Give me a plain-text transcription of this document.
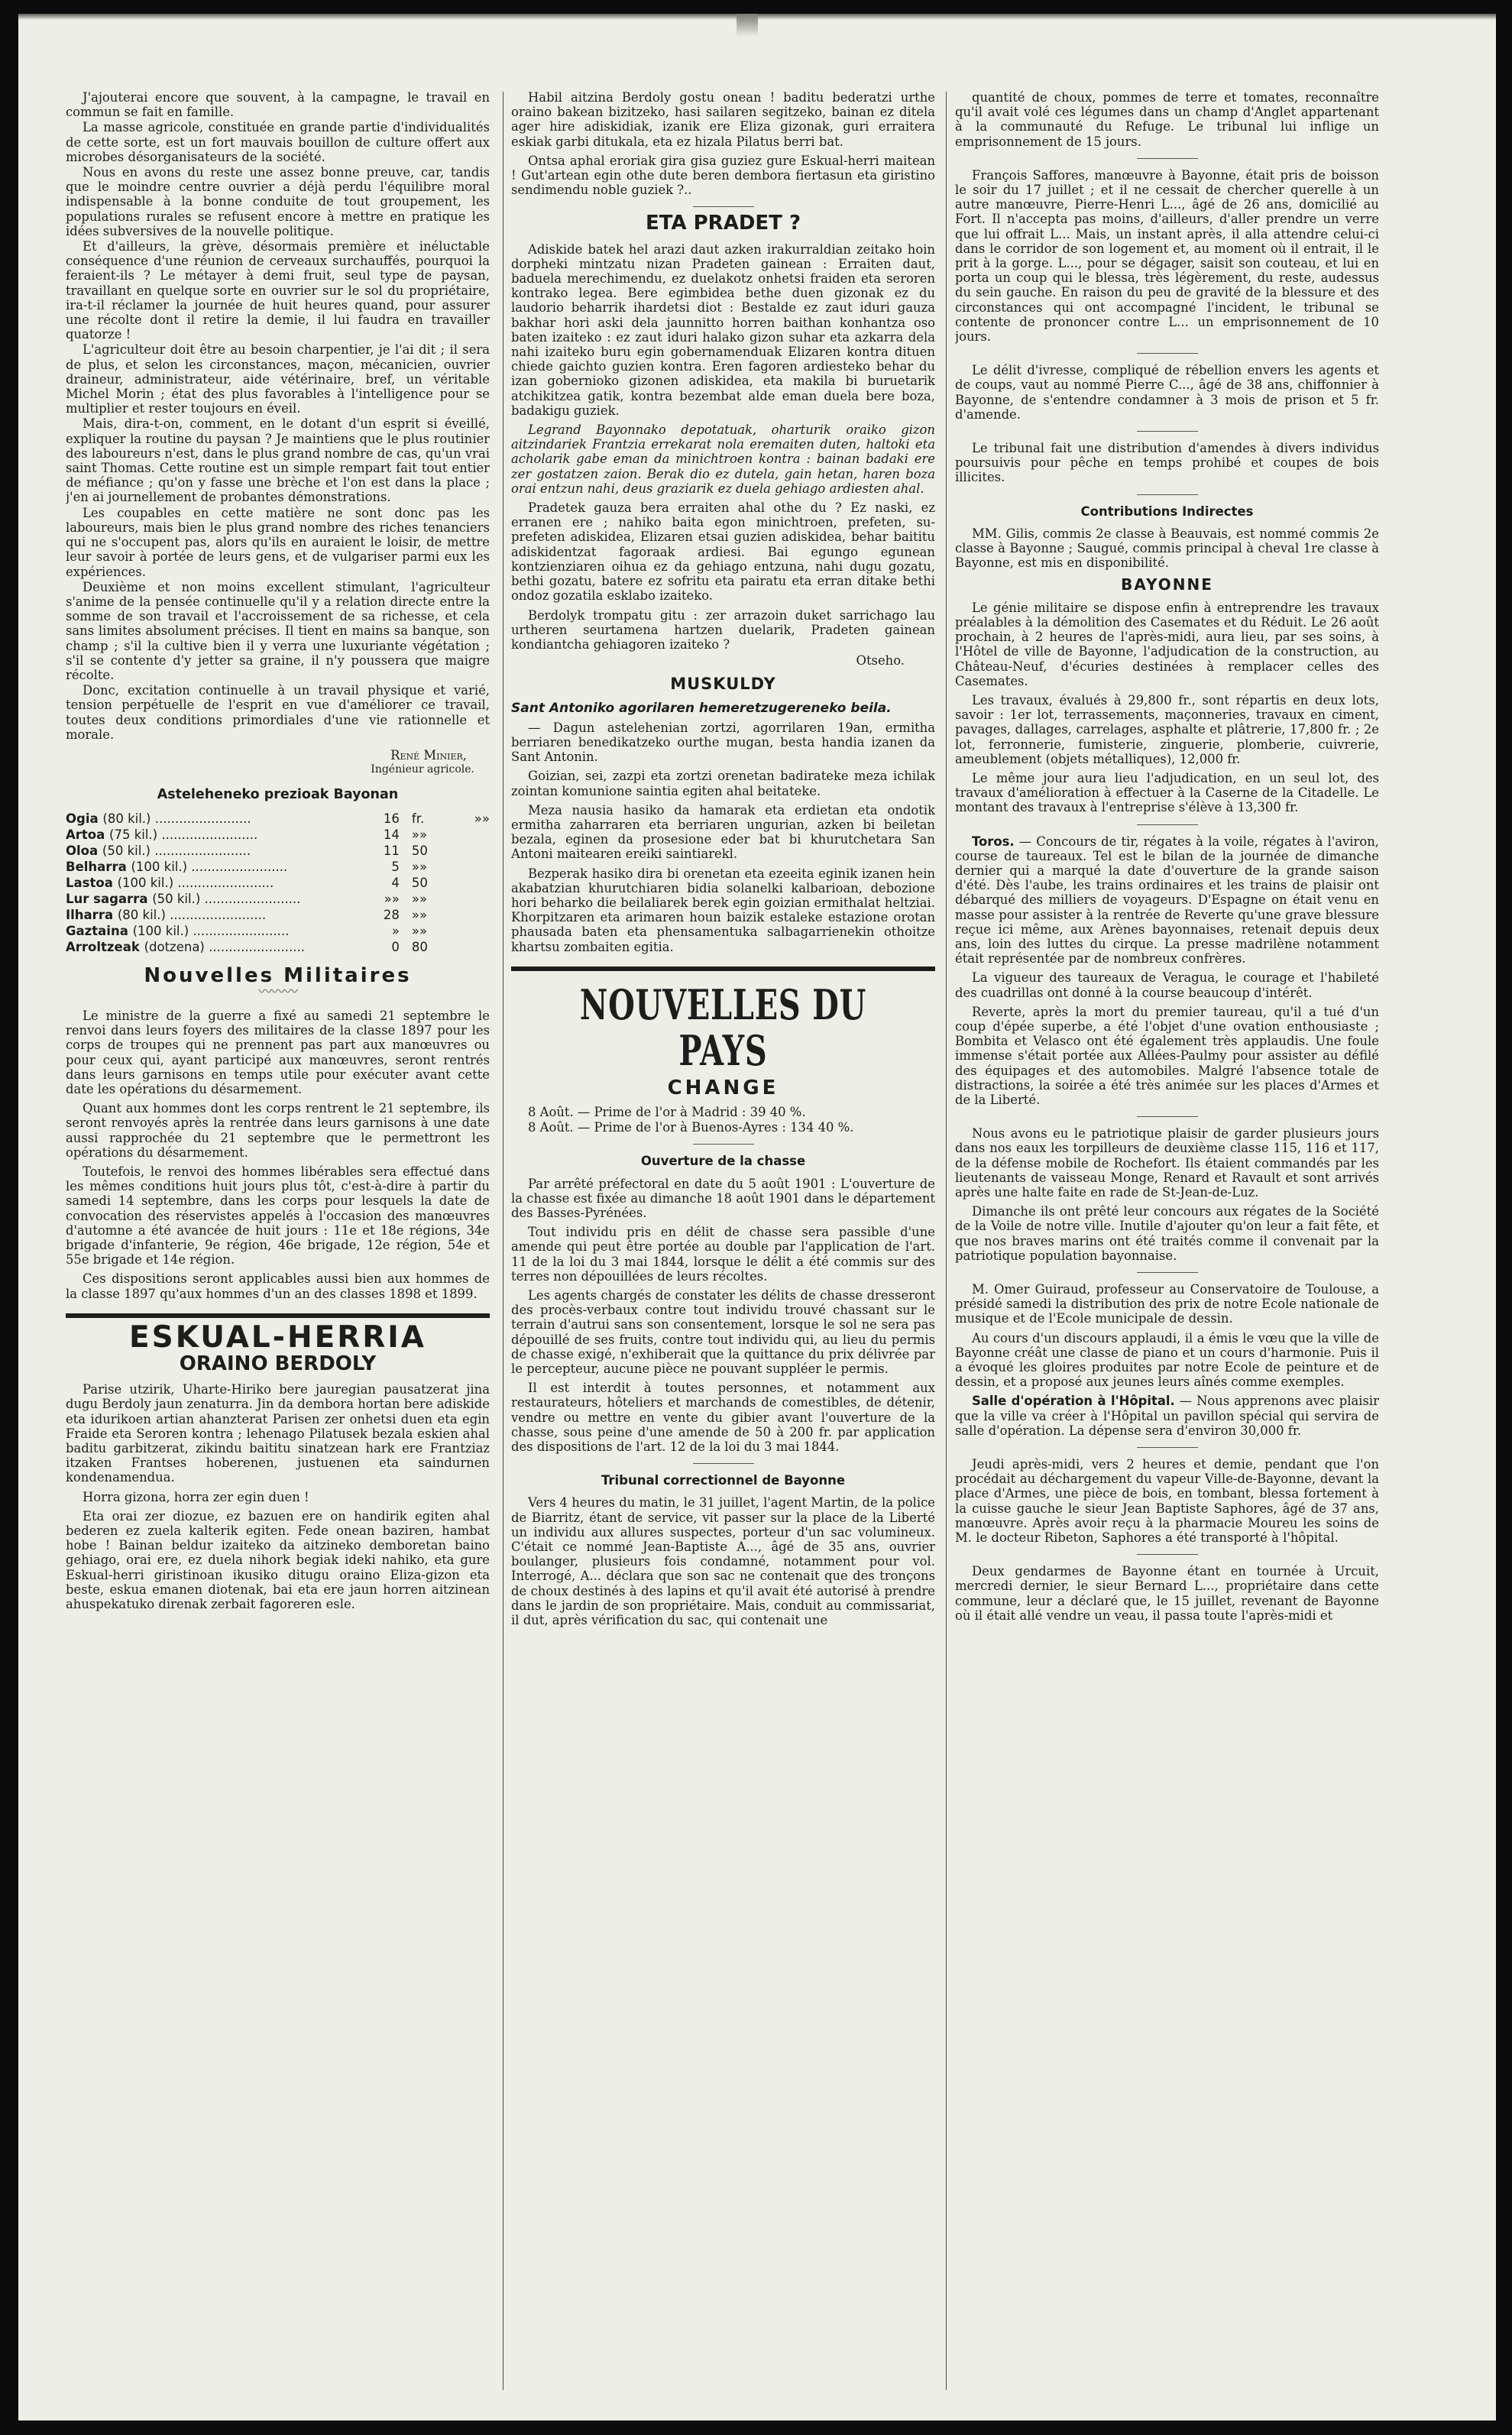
J'ajouterai encore que souvent, à la campagne, le travail en commun se fait en famille.

La masse agricole, constituée en grande partie d'individualités de cette sorte, est un fort mauvais bouillon de culture offert aux microbes désorganisateurs de la société.

Nous en avons du reste une assez bonne preuve, car, tandis que le moindre centre ouvrier a déjà perdu l'équilibre moral indispensable à la bonne conduite de tout groupement, les populations rurales se refusent encore à mettre en pratique les idées subversives de la nouvelle politique.

Et d'ailleurs, la grève, désormais première et inéluctable conséquence d'une réunion de cerveaux surchauffés, pourquoi la feraient-ils ? Le métayer à demi fruit, seul type de paysan, travaillant en quelque sorte en ouvrier sur le sol du propriétaire, ira-t-il réclamer la journée de huit heures quand, pour assurer une récolte dont il retire la demie, il lui faudra en travailler quatorze !

L'agriculteur doit être au besoin charpentier, je l'ai dit ; il sera de plus, et selon les circonstances, maçon, mécanicien, ouvrier draineur, administrateur, aide vétérinaire, bref, un véritable Michel Morin ; état des plus favorables à l'intelligence pour se multiplier et rester toujours en éveil.

Mais, dira-t-on, comment, en le dotant d'un esprit si éveillé, expliquer la routine du paysan ? Je maintiens que le plus routinier des laboureurs n'est, dans le plus grand nombre de cas, qu'un vrai saint Thomas. Cette routine est un simple rempart fait tout entier de méfiance ; qu'on y fasse une brèche et l'on est dans la place ; j'en ai journellement de probantes démonstrations.

Les coupables en cette matière ne sont donc pas les laboureurs, mais bien le plus grand nombre des riches tenanciers qui ne s'occupent pas, alors qu'ils en auraient le loisir, de mettre leur savoir à portée de leurs gens, et de vulgariser parmi eux les expériences.

Deuxième et non moins excellent stimulant, l'agriculteur s'anime de la pensée continuelle qu'il y a relation directe entre la somme de son travail et l'accroissement de sa richesse, et cela sans limites absolument précises. Il tient en mains sa banque, son champ ; s'il la cultive bien il y verra une luxuriante végétation ; s'il se contente d'y jetter sa graine, il n'y poussera que maigre récolte.

Donc, excitation continuelle à un travail physique et varié, tension perpétuelle de l'esprit en vue d'améliorer ce travail, toutes deux conditions primordiales d'une vie rationnelle et morale.

René Minier,
Ingénieur agricole.
Asteleheneko prezioak Bayonan
Ogia (80 kil.) ........................	16	fr.	»»
Artoa (75 kil.) ........................	14	»»	
Oloa (50 kil.) ........................	11	50	
Belharra (100 kil.) ........................	5	»»	
Lastoa (100 kil.) ........................	4	50	
Lur sagarra (50 kil.) ........................	»»	»»	
Ilharra (80 kil.) ........................	28	»»	
Gaztaina (100 kil.) ........................	»	»»	
Arroltzeak (dotzena) ........................	0	80	
Nouvelles Militaires
〰〰〰

Le ministre de la guerre a fixé au samedi 21 septembre le renvoi dans leurs foyers des militaires de la classe 1897 pour les corps de troupes qui ne prennent pas part aux manœuvres ou pour ceux qui, ayant participé aux manœuvres, seront rentrés dans leurs garnisons en temps utile pour exécuter avant cette date les opérations du désarmement.

Quant aux hommes dont les corps rentrent le 21 septembre, ils seront renvoyés après la rentrée dans leurs garnisons à une date aussi rapprochée du 21 septembre que le permettront les opérations du désarmement.

Toutefois, le renvoi des hommes libérables sera effectué dans les mêmes conditions huit jours plus tôt, c'est-à-dire à partir du samedi 14 septembre, dans les corps pour lesquels la date de convocation des réservistes appelés à l'occasion des manœuvres d'automne a été avancée de huit jours : 11e et 18e régions, 34e brigade d'infanterie, 9e région, 46e brigade, 12e région, 54e et 55e brigade et 14e région.

Ces dispositions seront applicables aussi bien aux hommes de la classe 1897 qu'aux hommes d'un an des classes 1898 et 1899.

ESKUAL-HERRIA
ORAINO BERDOLY

Parise utzirik, Uharte-Hiriko bere jauregian pausatzerat jina dugu Berdoly jaun zenaturra. Jin da dembora hortan bere adiskide eta idurikoen artian ahanzterat Parisen zer onhetsi duen eta egin Fraide eta Seroren kontra ; lehenago Pilatusek bezala eskien ahal baditu garbitzerat, zikindu baititu sinatzean hark ere Frantziaz itzaken Frantses hoberenen, justuenen eta saindurnen kondenamendua.

Horra gizona, horra zer egin duen !

Eta orai zer diozue, ez bazuen ere on handirik egiten ahal bederen ez zuela kalterik egiten. Fede onean baziren, hambat hobe ! Bainan beldur izaiteko da aitzineko demboretan baino gehiago, orai ere, ez duela nihork begiak ideki nahiko, eta gure Eskual-herri giristinoan ikusiko ditugu oraino Eliza-gizon eta beste, eskua emanen diotenak, bai eta ere jaun horren aitzinean ahuspekatuko direnak zerbait fagoreren esle.

Habil aitzina Berdoly gostu onean ! baditu bederatzi urthe oraino bakean bizitzeko, hasi sailaren segitzeko, bainan ez ditela ager hire adiskidiak, izanik ere Eliza gizonak, guri erraitera eskiak garbi ditukala, eta ez hizala Pilatus berri bat.

Ontsa aphal eroriak gira gisa guziez gure Eskual-herri maitean ! Gut'artean egin othe dute beren dembora fiertasun eta giristino sendimendu noble guziek ?..

ETA PRADET ?

Adiskide batek hel arazi daut azken irakurraldian zeitako hoin dorpheki mintzatu nizan Pradeten gainean : Erraiten daut, baduela merechimendu, ez duelakotz onhetsi fraiden eta seroren kontrako legea. Bere egimbidea bethe duen gizonak ez du laudorio beharrik ihardetsi diot : Bestalde ez zaut iduri gauza bakhar hori aski dela jaunnitto horren baithan konhantza oso baten izaiteko : ez zaut iduri halako gizon suhar eta azkarra dela nahi izaiteko buru egin gobernamenduak Elizaren kontra dituen chiede gaichto guzien kontra. Eren fagoren ardiesteko behar du izan gobernioko gizonen adiskidea, eta makila bi buruetarik atchikitzea gatik, kontra bezembat alde eman duela bere boza, badakigu guziek.

Legrand Bayonnako depotatuak, oharturik oraiko gizon aitzindariek Frantzia errekarat nola eremaiten duten, haltoki eta acholarik gabe eman da minichtroen kontra : bainan badaki ere zer gostatzen zaion. Berak dio ez dutela, gain hetan, haren boza orai entzun nahi, deus graziarik ez duela gehiago ardiesten ahal.

Pradetek gauza bera erraiten ahal othe du ? Ez naski, ez erranen ere ; nahiko baita egon minichtroen, prefeten, su-prefeten adiskidea, Elizaren etsai guzien adiskidea, behar baititu adiskidentzat fagoraak ardiesi. Bai egungo egunean kontzienziaren oihua ez da gehiago entzuna, nahi dugu gozatu, bethi gozatu, batere ez sofritu eta pairatu eta erran ditake bethi ondoz gozatila esklabo izaiteko.

Berdolyk trompatu gitu : zer arrazoin duket sarrichago lau urtheren seurtamena hartzen duelarik, Pradeten gainean kondiantcha gehiagoren izaiteko ?

Otseho.
MUSKULDY

Sant Antoniko agorilaren hemeretzugereneko beila.

— Dagun astelehenian zortzi, agorrilaren 19an, ermitha berriaren benedikatzeko ourthe mugan, besta handia izanen da Sant Antonin.

Goizian, sei, zazpi eta zortzi orenetan badirateke meza ichilak zointan komunione saintia egiten ahal beitateke.

Meza nausia hasiko da hamarak eta erdietan eta ondotik ermitha zaharraren eta berriaren ungurian, azken bi beiletan bezala, eginen da prosesione eder bat bi khurutchetara San Antoni maitearen ereiki saintiarekl.

Bezperak hasiko dira bi orenetan eta ezeeita eginik izanen hein akabatzian khurutchiaren bidia solanelki kalbarioan, debozione hori beharko die beilaliarek berek egin goizian ermithalat heltziai. Khorpitzaren eta arimaren houn baizik estaleke estazione orotan phausada baten eta phensamentuka salbagarrienekin othoitze khartsu zombaiten egitia.

NOUVELLES DU PAYS
CHANGE

8 Août. — Prime de l'or à Madrid : 39 40 %.

8 Août. — Prime de l'or à Buenos-Ayres : 134 40 %.

Ouverture de la chasse

Par arrêté préfectoral en date du 5 août 1901 : L'ouverture de la chasse est fixée au dimanche 18 août 1901 dans le département des Basses-Pyrénées.

Tout individu pris en délit de chasse sera passible d'une amende qui peut être portée au double par l'application de l'art. 11 de la loi du 3 mai 1844, lorsque le délit a été commis sur des terres non dépouillées de leurs récoltes.

Les agents chargés de constater les délits de chasse dresseront des procès-verbaux contre tout individu trouvé chassant sur le terrain d'autrui sans son consentement, lorsque le sol ne sera pas dépouillé de ses fruits, contre tout individu qui, au lieu du permis de chasse exigé, n'exhiberait que la quittance du prix délivrée par le percepteur, aucune pièce ne pouvant suppléer le permis.

Il est interdit à toutes personnes, et notamment aux restaurateurs, hôteliers et marchands de comestibles, de détenir, vendre ou mettre en vente du gibier avant l'ouverture de la chasse, sous peine d'une amende de 50 à 200 fr. par application des dispositions de l'art. 12 de la loi du 3 mai 1844.

Tribunal correctionnel de Bayonne

Vers 4 heures du matin, le 31 juillet, l'agent Martin, de la police de Biarritz, étant de service, vit passer sur la place de la Liberté un individu aux allures suspectes, porteur d'un sac volumineux. C'était ce nommé Jean-Baptiste A..., âgé de 35 ans, ouvrier boulanger, plusieurs fois condamné, notamment pour vol. Interrogé, A... déclara que son sac ne contenait que des tronçons de choux destinés à des lapins et qu'il avait été autorisé à prendre dans le jardin de son propriétaire. Mais, conduit au commissariat, il dut, après vérification du sac, qui contenait une

quantité de choux, pommes de terre et tomates, reconnaître qu'il avait volé ces légumes dans un champ d'Anglet appartenant à la communauté du Refuge. Le tribunal lui inflige un emprisonnement de 15 jours.

François Saffores, manœuvre à Bayonne, était pris de boisson le soir du 17 juillet ; et il ne cessait de chercher querelle à un autre manœuvre, Pierre-Henri L..., âgé de 26 ans, domicilié au Fort. Il n'accepta pas moins, d'ailleurs, d'aller prendre un verre que lui offrait L... Mais, un instant après, il alla attendre celui-ci dans le corridor de son logement et, au moment où il entrait, il le prit à la gorge. L..., pour se dégager, saisit son couteau, et lui en porta un coup qui le blessa, très légèrement, du reste, audessus du sein gauche. En raison du peu de gravité de la blessure et des circonstances qui ont accompagné l'incident, le tribunal se contente de prononcer contre L... un emprisonnement de 10 jours.

Le délit d'ivresse, compliqué de rébellion envers les agents et de coups, vaut au nommé Pierre C..., âgé de 38 ans, chiffonnier à Bayonne, de s'entendre condamner à 3 mois de prison et 5 fr. d'amende.

Le tribunal fait une distribution d'amendes à divers individus poursuivis pour pêche en temps prohibé et coupes de bois illicites.

Contributions Indirectes

MM. Gilis, commis 2e classe à Beauvais, est nommé commis 2e classe à Bayonne ; Saugué, commis principal à cheval 1re classe à Bayonne, est mis en disponibilité.

BAYONNE

Le génie militaire se dispose enfin à entreprendre les travaux préalables à la démolition des Casemates et du Réduit. Le 26 août prochain, à 2 heures de l'après-midi, aura lieu, par ses soins, à l'Hôtel de ville de Bayonne, l'adjudication de la construction, au Château-Neuf, d'écuries destinées à remplacer celles des Casemates.

Les travaux, évalués à 29,800 fr., sont répartis en deux lots, savoir : 1er lot, terrassements, maçonneries, travaux en ciment, pavages, dallages, carrelages, asphalte et plâtrerie, 17,800 fr. ; 2e lot, ferronnerie, fumisterie, zinguerie, plomberie, cuivrerie, ameublement (objets métalliques), 12,000 fr.

Le même jour aura lieu l'adjudication, en un seul lot, des travaux d'amélioration à effectuer à la Caserne de la Citadelle. Le montant des travaux à l'entreprise s'élève à 13,300 fr.

Toros. — Concours de tir, régates à la voile, régates à l'aviron, course de taureaux. Tel est le bilan de la journée de dimanche dernier qui a marqué la date d'ouverture de la grande saison d'été. Dès l'aube, les trains ordinaires et les trains de plaisir ont débarqué des milliers de voyageurs. D'Espagne on était venu en masse pour assister à la rentrée de Reverte qu'une grave blessure reçue ici même, aux Arènes bayonnaises, retenait depuis deux ans, loin des luttes du cirque. La presse madrilène notamment était représentée par de nombreux confrères.

La vigueur des taureaux de Veragua, le courage et l'habileté des cuadrillas ont donné à la course beaucoup d'intérêt.

Reverte, après la mort du premier taureau, qu'il a tué d'un coup d'épée superbe, a été l'objet d'une ovation enthousiaste ; Bombita et Velasco ont été également très applaudis. Une foule immense s'était portée aux Allées-Paulmy pour assister au défilé des équipages et des automobiles. Malgré l'absence totale de distractions, la soirée a été très animée sur les places d'Armes et de la Liberté.

Nous avons eu le patriotique plaisir de garder plusieurs jours dans nos eaux les torpilleurs de deuxième classe 115, 116 et 117, de la défense mobile de Rochefort. Ils étaient commandés par les lieutenants de vaisseau Monge, Renard et Ravault et sont arrivés après une halte faite en rade de St-Jean-de-Luz.

Dimanche ils ont prêté leur concours aux régates de la Société de la Voile de notre ville. Inutile d'ajouter qu'on leur a fait fête, et que nos braves marins ont été traités comme il convenait par la patriotique population bayonnaise.

M. Omer Guiraud, professeur au Conservatoire de Toulouse, a présidé samedi la distribution des prix de notre Ecole nationale de musique et de l'Ecole municipale de dessin.

Au cours d'un discours applaudi, il a émis le vœu que la ville de Bayonne créât une classe de piano et un cours d'harmonie. Puis il a évoqué les gloires produites par notre Ecole de peinture et de dessin, et a proposé aux jeunes leurs aînés comme exemples.

Salle d'opération à l'Hôpital. — Nous apprenons avec plaisir que la ville va créer à l'Hôpital un pavillon spécial qui servira de salle d'opération. La dépense sera d'environ 30,000 fr.

Jeudi après-midi, vers 2 heures et demie, pendant que l'on procédait au déchargement du vapeur Ville-de-Bayonne, devant la place d'Armes, une pièce de bois, en tombant, blessa fortement à la cuisse gauche le sieur Jean Baptiste Saphores, âgé de 37 ans, manœuvre. Après avoir reçu à la pharmacie Moureu les soins de M. le docteur Ribeton, Saphores a été transporté à l'hôpital.

Deux gendarmes de Bayonne étant en tournée à Urcuit, mercredi dernier, le sieur Bernard L..., propriétaire dans cette commune, leur a déclaré que, le 15 juillet, revenant de Bayonne où il était allé vendre un veau, il passa toute l'après-midi et
